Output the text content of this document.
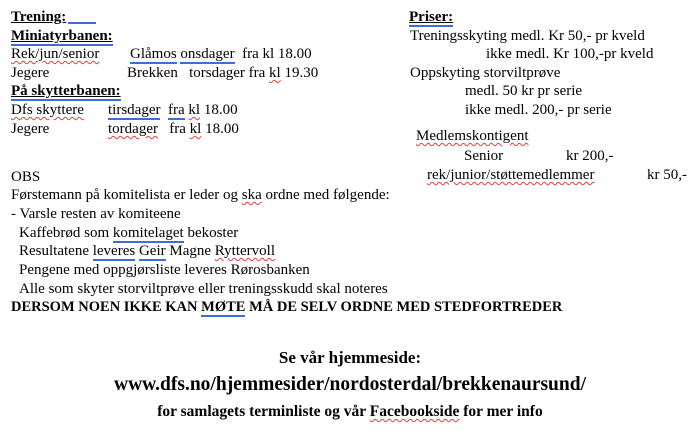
Trening:
Miniatyrbanen:
Rek/jun/senior Glåmos onsdager fra kl 18.00
Jegere	Brekken torsdager fra kl 19.30
På skytterbanen:
Dfs skyttere tirsdager fra kl 18.00
Jegere	tordager fra kl 18.00
Priser:
Treningsskyting medl. Kr 50,- pr kveld
ikke medl. Kr 100,-pr kveld
Oppskyting storviltprøve
medl. 50 kr pr serie
ikke medl. 200,- pr serie
Medlemskontigent
Senior	kr 200,-
rek/junior/støttemedlemmer	kr 50,-
OBS
Førstemann på komitelista er leder og ska ordne med følgende:
- Varsle resten av komiteene
Kaffebrød som komitelaget bekoster
Resultatene leveres Geir Magne Ryttervoll
Pengene med oppgjørsliste leveres Rørosbanken
Alle som skyter storviltprøve eller treningsskudd skal noteres
DERSOM NOEN IKKE KAN MØTE MÅ DE SELV ORDNE MED STEDFORTREDER
Se vår hjemmeside:
www.dfs.no/hjemmesider/nordosterdal/brekkenaursund/
for samlagets terminliste og vår Facebookside for mer info
